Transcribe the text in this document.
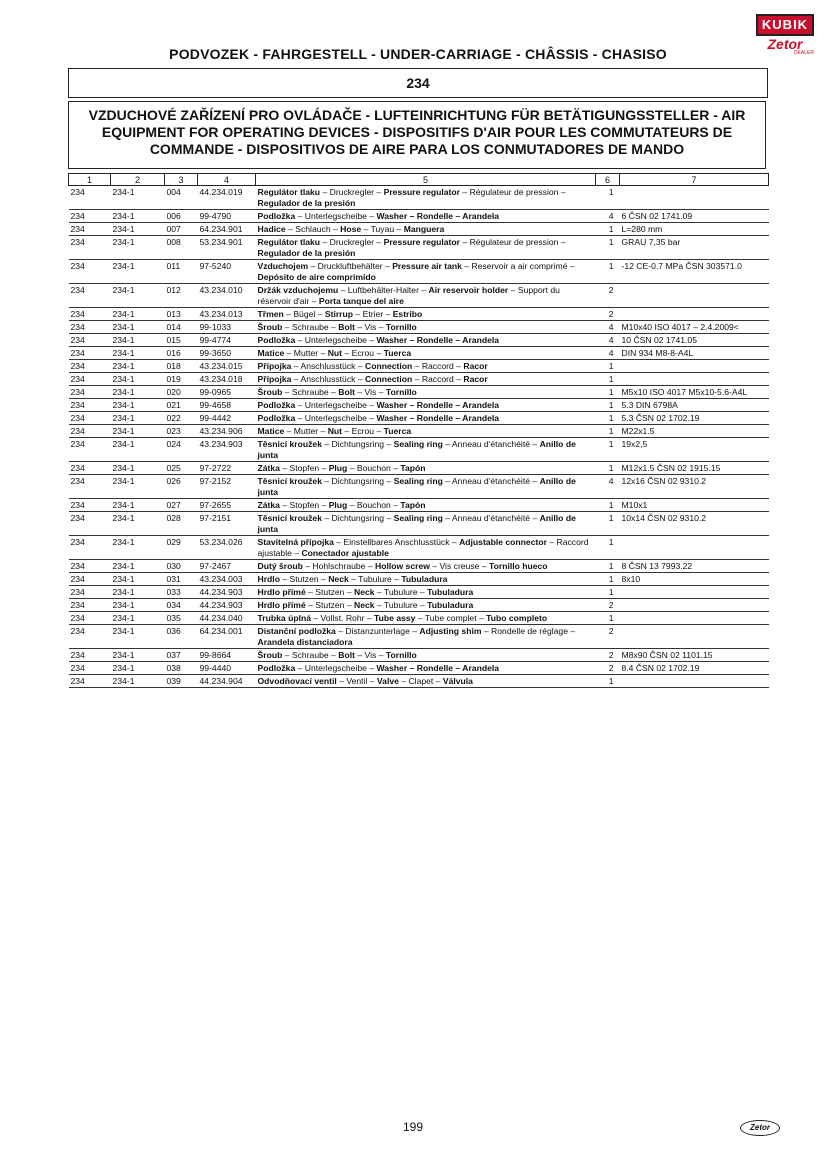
KUBIK
Zetor
DEALER
PODVOZEK - FAHRGESTELL - UNDER-CARRIAGE - CHÂSSIS - CHASISO
234
VZDUCHOVÉ ZAŘÍZENÍ PRO OVLÁDAČE - LUFTEINRICHTUNG FÜR BETÄTIGUNGSSTELLER - AIR
EQUIPMENT FOR OPERATING DEVICES - DISPOSITIFS D'AIR POUR LES COMMUTATEURS DE
COMMANDE - DISPOSITIVOS DE AIRE PARA LOS CONMUTADORES DE MANDO
1	2	3	4	5	6	7
234	234-1	004	44.234.019	Regulátor tlaku – Druckregler – Pressure regulator – Régulateur de pression – Regulador de la presión	1	
234	234-1	006	99-4790	Podložka – Unterlegscheibe – Washer – Rondelle – Arandela	4	6 ČSN 02 1741.09
234	234-1	007	64.234.901	Hadice – Schlauch – Hose – Tuyau – Manguera	1	L=280 mm
234	234-1	008	53.234.901	Regulátor tlaku – Druckregler – Pressure regulator – Régulateur de pression – Regulador de la presión	1	GRAU 7,35 bar
234	234-1	011	97-5240	Vzduchojem – Druckluftbehälter – Pressure air tank – Reservoir a air comprimé – Depósito de aire comprimido	1	-12 CE-0.7 MPa ČSN 303571.0
234	234-1	012	43.234.010	Držák vzduchojemu – Luftbehälter-Halter – Air reservoir holder – Support du réservoir d'air – Porta tanque del aire	2	
234	234-1	013	43.234.013	Třmen – Bügel – Stirrup – Etrier – Estribo	2	
234	234-1	014	99-1033	Šroub – Schraube – Bolt – Vis – Tornillo	4	M10x40 ISO 4017 – 2.4.2009<
234	234-1	015	99-4774	Podložka – Unterlegscheibe – Washer – Rondelle – Arandela	4	10 ČSN 02 1741.05
234	234-1	016	99-3650	Matice – Mutter – Nut – Ecrou – Tuerca	4	DIN 934 M8-8-A4L
234	234-1	018	43.234.015	Přípojka – Anschlusstück – Connection – Raccord – Racor	1	
234	234-1	019	43.234.018	Přípojka – Anschlusstück – Connection – Raccord – Racor	1	
234	234-1	020	99-0965	Šroub – Schraube – Bolt – Vis – Tornillo	1	M5x10 ISO 4017 M5x10-5.6-A4L
234	234-1	021	99-4658	Podložka – Unterlegscheibe – Washer – Rondelle – Arandela	1	5.3 DIN 6798A
234	234-1	022	99-4442	Podložka – Unterlegscheibe – Washer – Rondelle – Arandela	1	5.3 ČSN 02 1702.19
234	234-1	023	43.234.906	Matice – Mutter – Nut – Ecrou – Tuerca	1	M22x1.5
234	234-1	024	43.234.903	Těsnicí kroužek – Dichtungsring – Sealing ring – Anneau d'étanchéité – Anillo de junta	1	19x2,5
234	234-1	025	97-2722	Zátka – Stopfen – Plug – Bouchon – Tapón	1	M12x1.5 ČSN 02 1915.15
234	234-1	026	97-2152	Těsnicí kroužek – Dichtungsring – Sealing ring – Anneau d'étanchéité – Anillo de junta	4	12x16 ČSN 02 9310.2
234	234-1	027	97-2655	Zátka – Stopfen – Plug – Bouchon – Tapón	1	M10x1
234	234-1	028	97-2151	Těsnicí kroužek – Dichtungsring – Sealing ring – Anneau d'étanchéité – Anillo de junta	1	10x14 ČSN 02 9310.2
234	234-1	029	53.234.026	Stavitelná přípojka – Einstellbares Anschlusstück – Adjustable connector – Raccord ajustable – Conectador ajustable	1	
234	234-1	030	97-2467	Dutý šroub – Hohlschraube – Hollow screw – Vis creuse – Tornillo hueco	1	8 ČSN 13 7993.22
234	234-1	031	43.234.003	Hrdlo – Stutzen – Neck – Tubulure – Tubuladura	1	8x10
234	234-1	033	44.234.903	Hrdlo přímé – Stutzen – Neck – Tubulure – Tubuladura	1	
234	234-1	034	44.234.903	Hrdlo přímé – Stutzen – Neck – Tubulure – Tubuladura	2	
234	234-1	035	44.234.040	Trubka úplná – Vollst. Rohr – Tube assy – Tube complet – Tubo completo	1	
234	234-1	036	64.234.001	Distanční podložka – Distanzunterlage – Adjusting shim – Rondelle de réglage – Arandela distanciadora	2	
234	234-1	037	99-8664	Šroub – Schraube – Bolt – Vis – Tornillo	2	M8x90 ČSN 02 1101.15
234	234-1	038	99-4440	Podložka – Unterlegscheibe – Washer – Rondelle – Arandela	2	8.4 ČSN 02 1702.19
234	234-1	039	44.234.904	Odvodňovací ventil – Ventil – Valve – Clapet – Válvula	1	
199	Zetor
